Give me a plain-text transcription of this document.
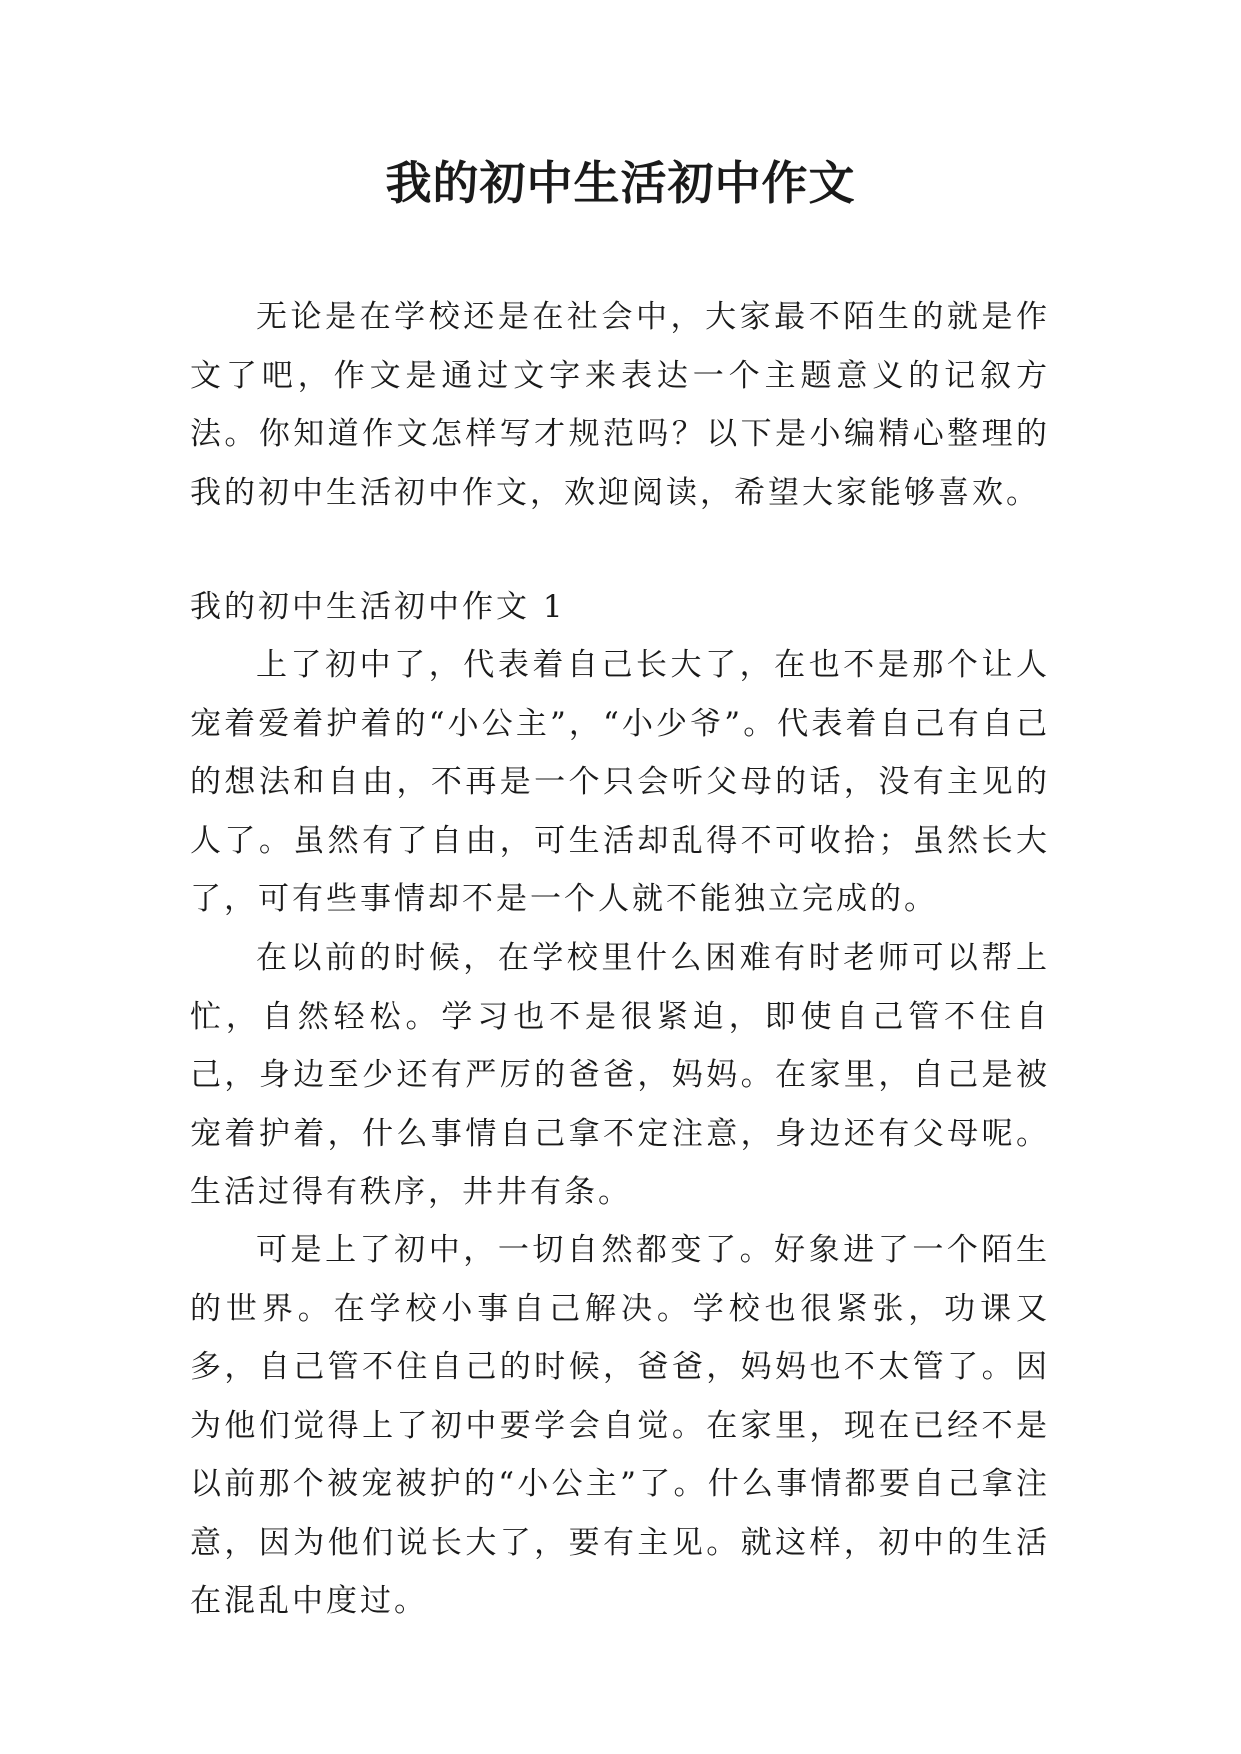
我的初中生活初中作文

无论是在学校还是在社会中，大家最不陌生的就是作文了吧，作文是通过文字来表达一个主题意义的记叙方法。你知道作文怎样写才规范吗？以下是小编精心整理的我的初中生活初中作文，欢迎阅读，希望大家能够喜欢。

我的初中生活初中作文 1

上了初中了，代表着自己长大了，在也不是那个让人宠着爱着护着的“小公主”，“小少爷”。代表着自己有自己的想法和自由，不再是一个只会听父母的话，没有主见的人了。虽然有了自由，可生活却乱得不可收拾；虽然长大了，可有些事情却不是一个人就不能独立完成的。

在以前的时候，在学校里什么困难有时老师可以帮上忙，自然轻松。学习也不是很紧迫，即使自己管不住自己，身边至少还有严厉的爸爸，妈妈。在家里，自己是被宠着护着，什么事情自己拿不定注意，身边还有父母呢。生活过得有秩序，井井有条。

可是上了初中，一切自然都变了。好象进了一个陌生的世界。在学校小事自己解决。学校也很紧张，功课又多，自己管不住自己的时候，爸爸，妈妈也不太管了。因为他们觉得上了初中要学会自觉。在家里，现在已经不是以前那个被宠被护的“小公主”了。什么事情都要自己拿注意，因为他们说长大了，要有主见。就这样，初中的生活在混乱中度过。
